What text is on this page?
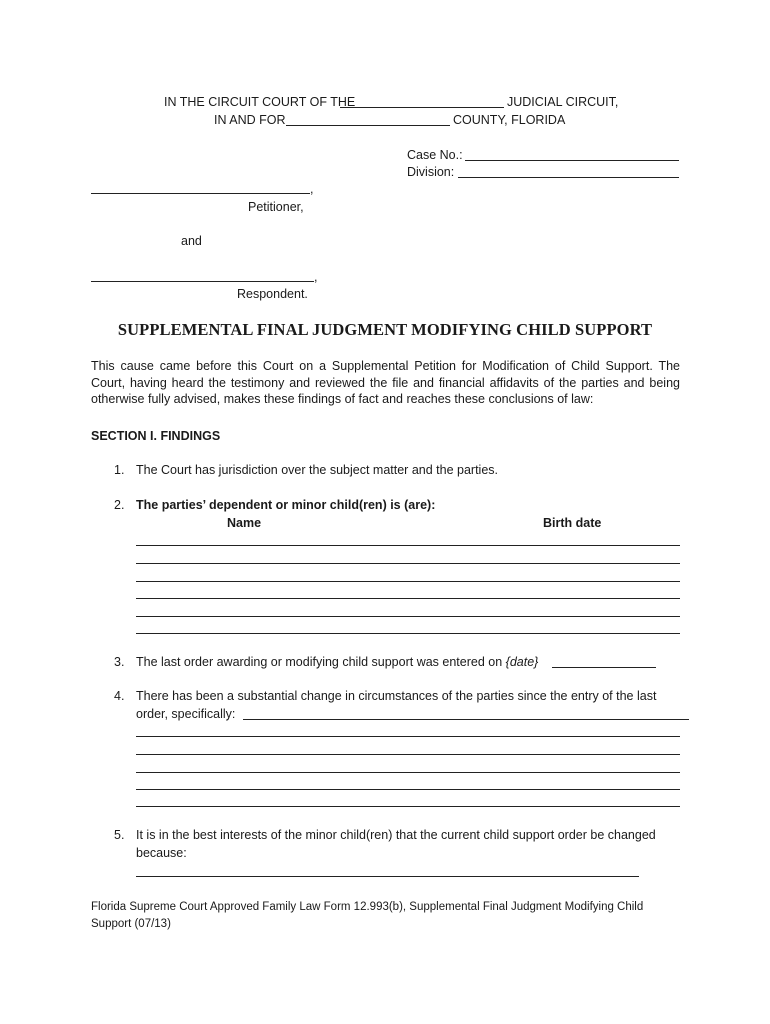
IN THE CIRCUIT COURT OF THE	JUDICIAL CIRCUIT,
IN AND FOR	COUNTY, FLORIDA
Case No.:
Division:
,
Petitioner,
and
,
Respondent.
SUPPLEMENTAL FINAL JUDGMENT MODIFYING CHILD SUPPORT
This cause came before this Court on a Supplemental Petition for Modification of Child Support. The Court, having heard the testimony and reviewed the file and financial affidavits of the parties and being otherwise fully advised, makes these findings of fact and reaches these conclusions of law:
SECTION I. FINDINGS
1. The Court has jurisdiction over the subject matter and the parties.
2. The parties’ dependent or minor child(ren) is (are):
Name	Birth date
3. The last order awarding or modifying child support was entered on {date}
4. There has been a substantial change in circumstances of the parties since the entry of the last
order, specifically:
5. It is in the best interests of the minor child(ren) that the current child support order be changed
because:
Florida Supreme Court Approved Family Law Form 12.993(b), Supplemental Final Judgment Modifying Child
Support (07/13)
